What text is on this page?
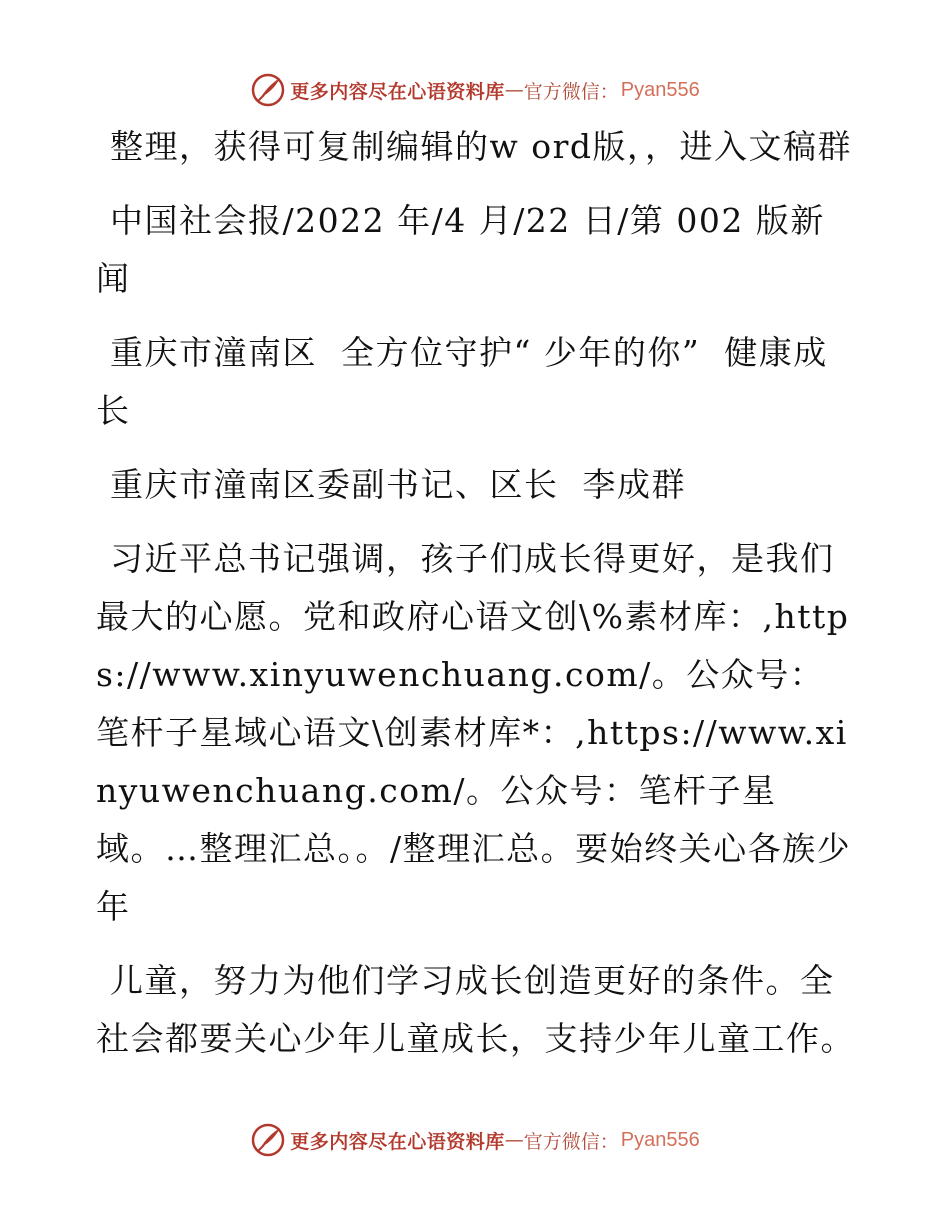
更多内容尽在心语资料库 — 官方微信： Pyan556

整理，获得可复制编辑的w ord版，，进入文稿群

中国社会报/2022 年/4 月/22 日/第 002 版新闻

重庆市潼南区  全方位守护“ 少年的你”  健康成长

重庆市潼南区委副书记、区长  李成群

习近平总书记强调，孩子们成长得更好，是我们最大的心愿。党和政府心语文创\%素材库：,https://www.xinyuwenchuang.com/。公众号：笔杆子星域心语文\创素材库*：,https://www.xinyuwenchuang.com/。公众号：笔杆子星域。…整理汇总。。/整理汇总。要始终关心各族少年

儿童，努力为他们学习成长创造更好的条件。全社会都要关心少年儿童成长，支持少年儿童工作。

更多内容尽在心语资料库 — 官方微信： Pyan556
